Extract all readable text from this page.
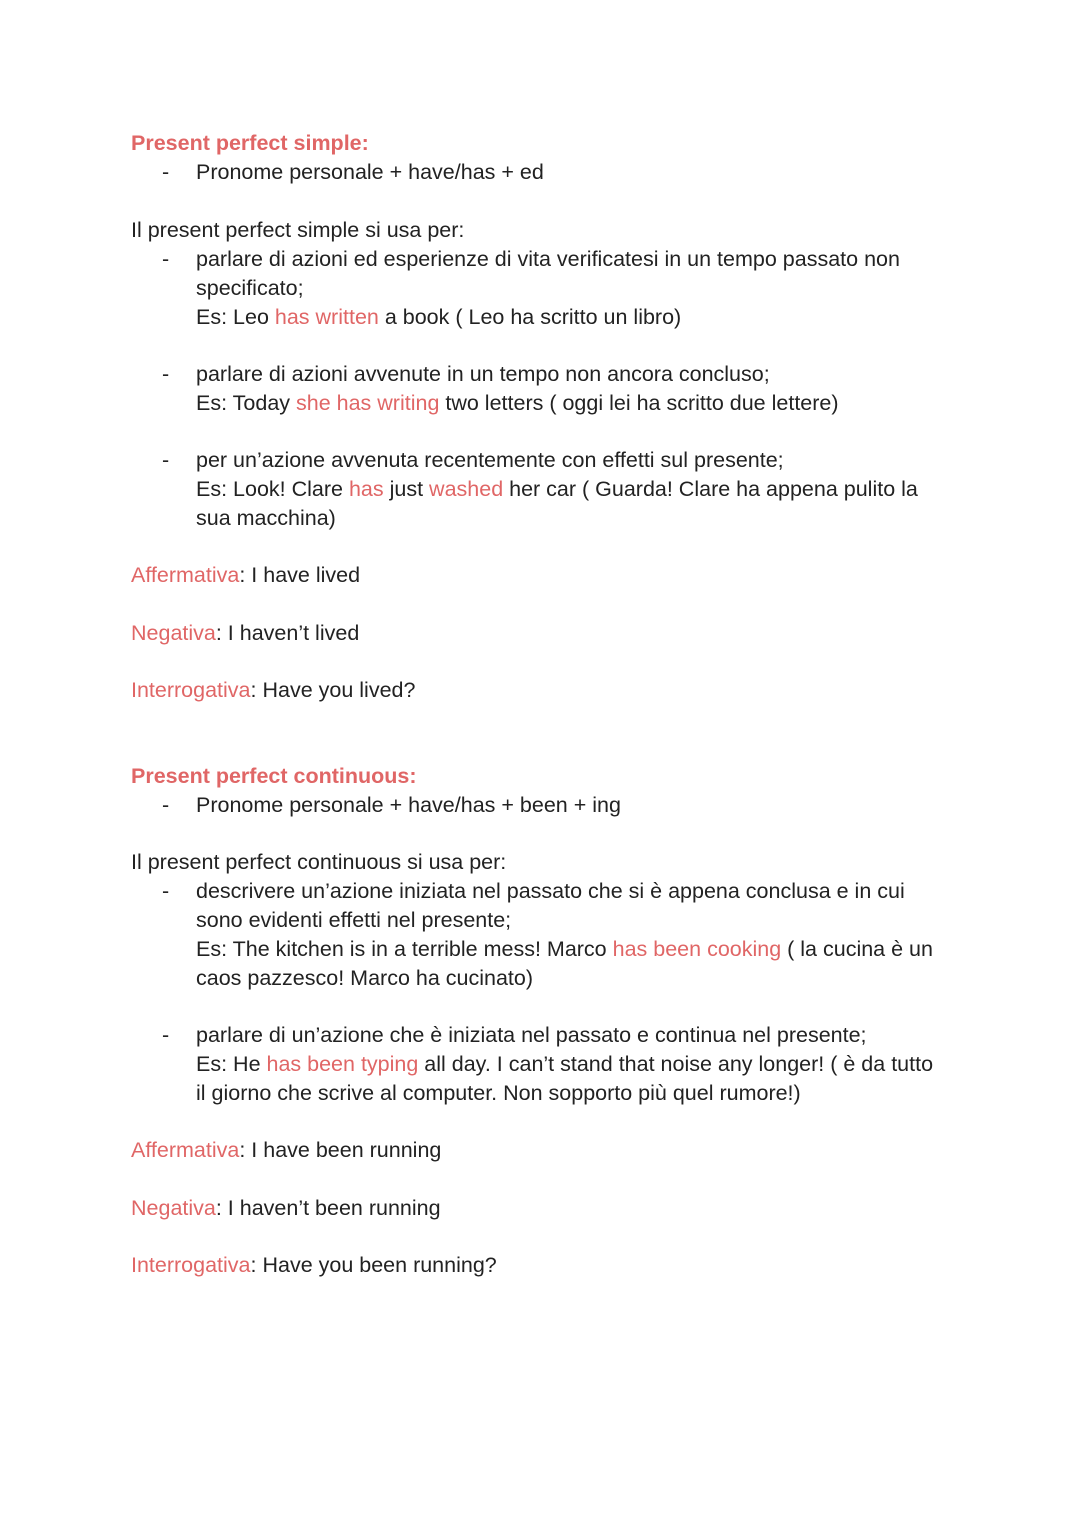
Present perfect simple:
- Pronome personale + have/has + ed
Il present perfect simple si usa per:
- parlare di azioni ed esperienze di vita verificatesi in un tempo passato non
specificato;
Es: Leo has written a book ( Leo ha scritto un libro)
- parlare di azioni avvenute in un tempo non ancora concluso;
Es: Today she has writing two letters ( oggi lei ha scritto due lettere)
- per un’azione avvenuta recentemente con effetti sul presente;
Es: Look! Clare has just washed her car ( Guarda! Clare ha appena pulito la
sua macchina)
Affermativa: I have lived
Negativa: I haven’t lived
Interrogativa: Have you lived?
Present perfect continuous:
- Pronome personale + have/has + been + ing
Il present perfect continuous si usa per:
- descrivere un’azione iniziata nel passato che si è appena conclusa e in cui
sono evidenti effetti nel presente;
Es: The kitchen is in a terrible mess! Marco has been cooking ( la cucina è un
caos pazzesco! Marco ha cucinato)
- parlare di un’azione che è iniziata nel passato e continua nel presente;
Es: He has been typing all day. I can’t stand that noise any longer! ( è da tutto
il giorno che scrive al computer. Non sopporto più quel rumore!)
Affermativa: I have been running
Negativa: I haven’t been running
Interrogativa: Have you been running?
